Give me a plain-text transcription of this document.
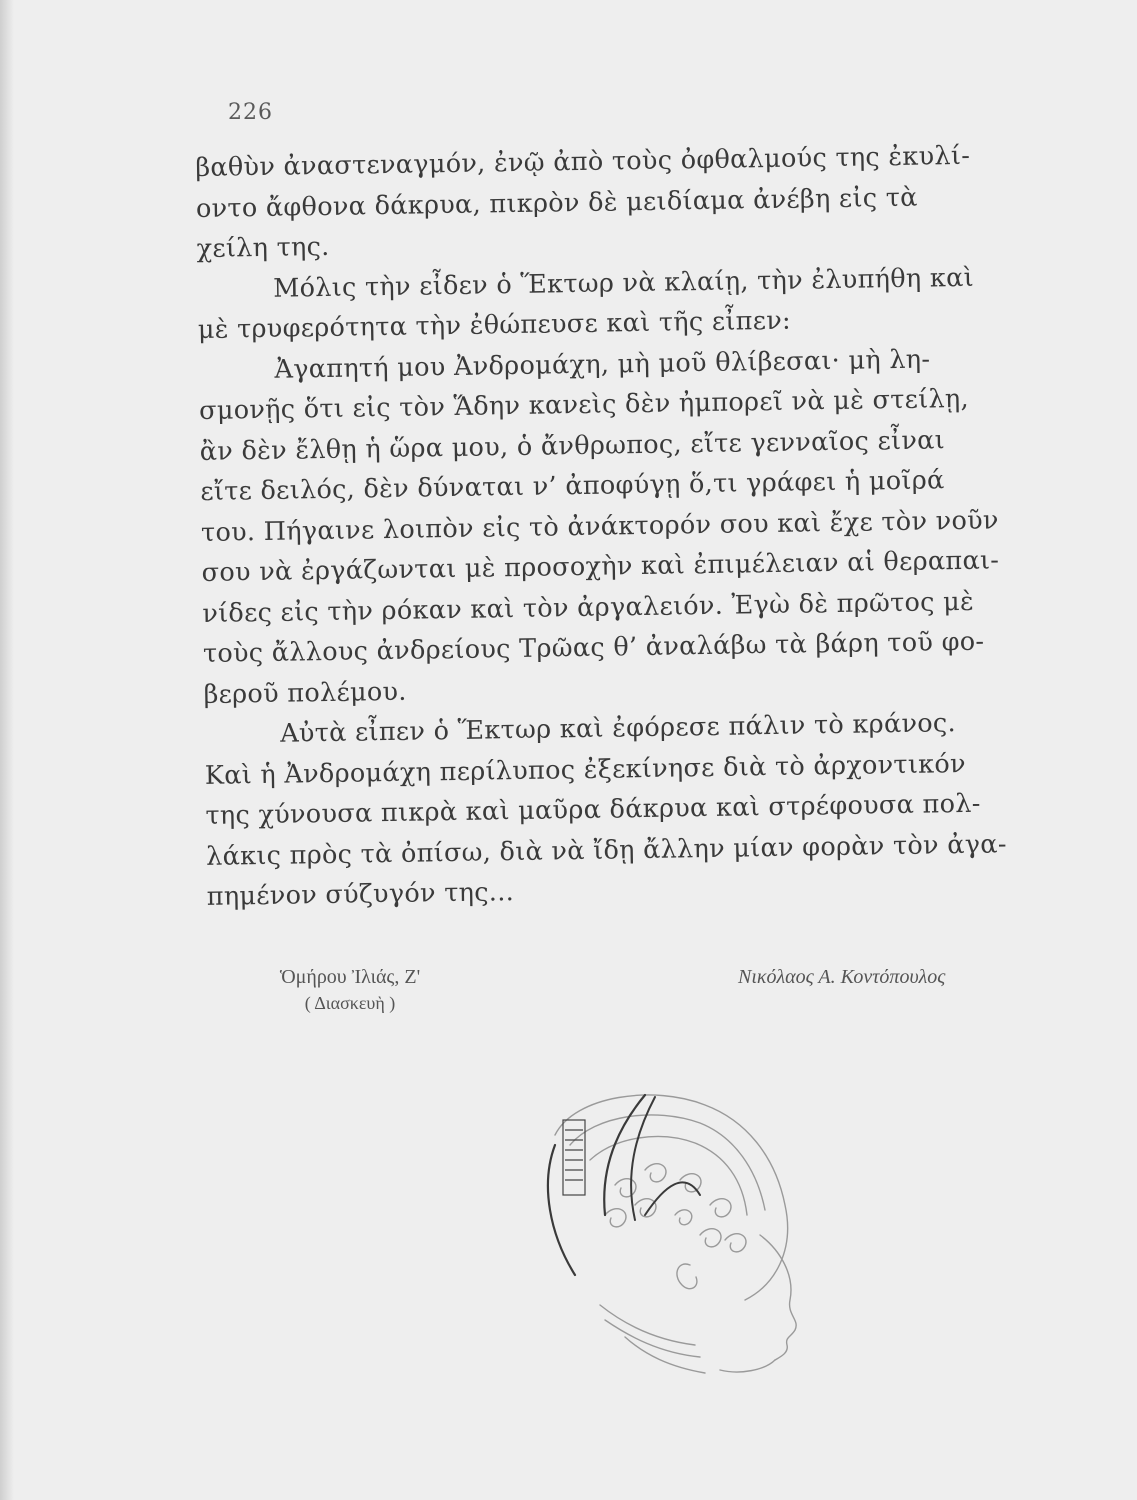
226
βαθὺν ἀναστεναγμόν, ἐνῷ ἀπὸ τοὺς ὀφθαλμούς της ἐκυλί-
οντο ἄφθονα δάκρυα, πικρὸν δὲ μειδίαμα ἀνέβη εἰς τὰ
χείλη της.
Μόλις τὴν εἶδεν ὁ Ἕκτωρ νὰ κλαίῃ, τὴν ἐλυπήθη καὶ
μὲ τρυφερότητα τὴν ἐθώπευσε καὶ τῆς εἶπεν:
Ἀγαπητή μου Ἀνδρομάχη, μὴ μοῦ θλίβεσαι· μὴ λη-
σμονῇς ὅτι εἰς τὸν Ἅδην κανεὶς δὲν ἠμπορεῖ νὰ μὲ στείλῃ,
ἂν δὲν ἔλθῃ ἡ ὥρα μου, ὁ ἄνθρωπος, εἴτε γενναῖος εἶναι
εἴτε δειλός, δὲν δύναται ν’ ἀποφύγῃ ὅ,τι γράφει ἡ μοῖρά
του. Πήγαινε λοιπὸν εἰς τὸ ἀνάκτορόν σου καὶ ἔχε τὸν νοῦν
σου νὰ ἐργάζωνται μὲ προσοχὴν καὶ ἐπιμέλειαν αἱ θεραπαι-
νίδες εἰς τὴν ρόκαν καὶ τὸν ἀργαλειόν. Ἐγὼ δὲ πρῶτος μὲ
τοὺς ἄλλους ἀνδρείους Τρῶας θ’ ἀναλάβω τὰ βάρη τοῦ φο-
βεροῦ πολέμου.
Αὐτὰ εἶπεν ὁ Ἕκτωρ καὶ ἐφόρεσε πάλιν τὸ κράνος.
Καὶ ἡ Ἀνδρομάχη περίλυπος ἐξεκίνησε διὰ τὸ ἀρχοντικόν
της χύνουσα πικρὰ καὶ μαῦρα δάκρυα καὶ στρέφουσα πολ-
λάκις πρὸς τὰ ὀπίσω, διὰ νὰ ἴδῃ ἄλλην μίαν φορὰν τὸν ἀγα-
πημένον σύζυγόν της...
Ὁμήρου Ἰλιάς, Ζ'
( Διασκευὴ )
Νικόλαος Α. Κοντόπουλος
